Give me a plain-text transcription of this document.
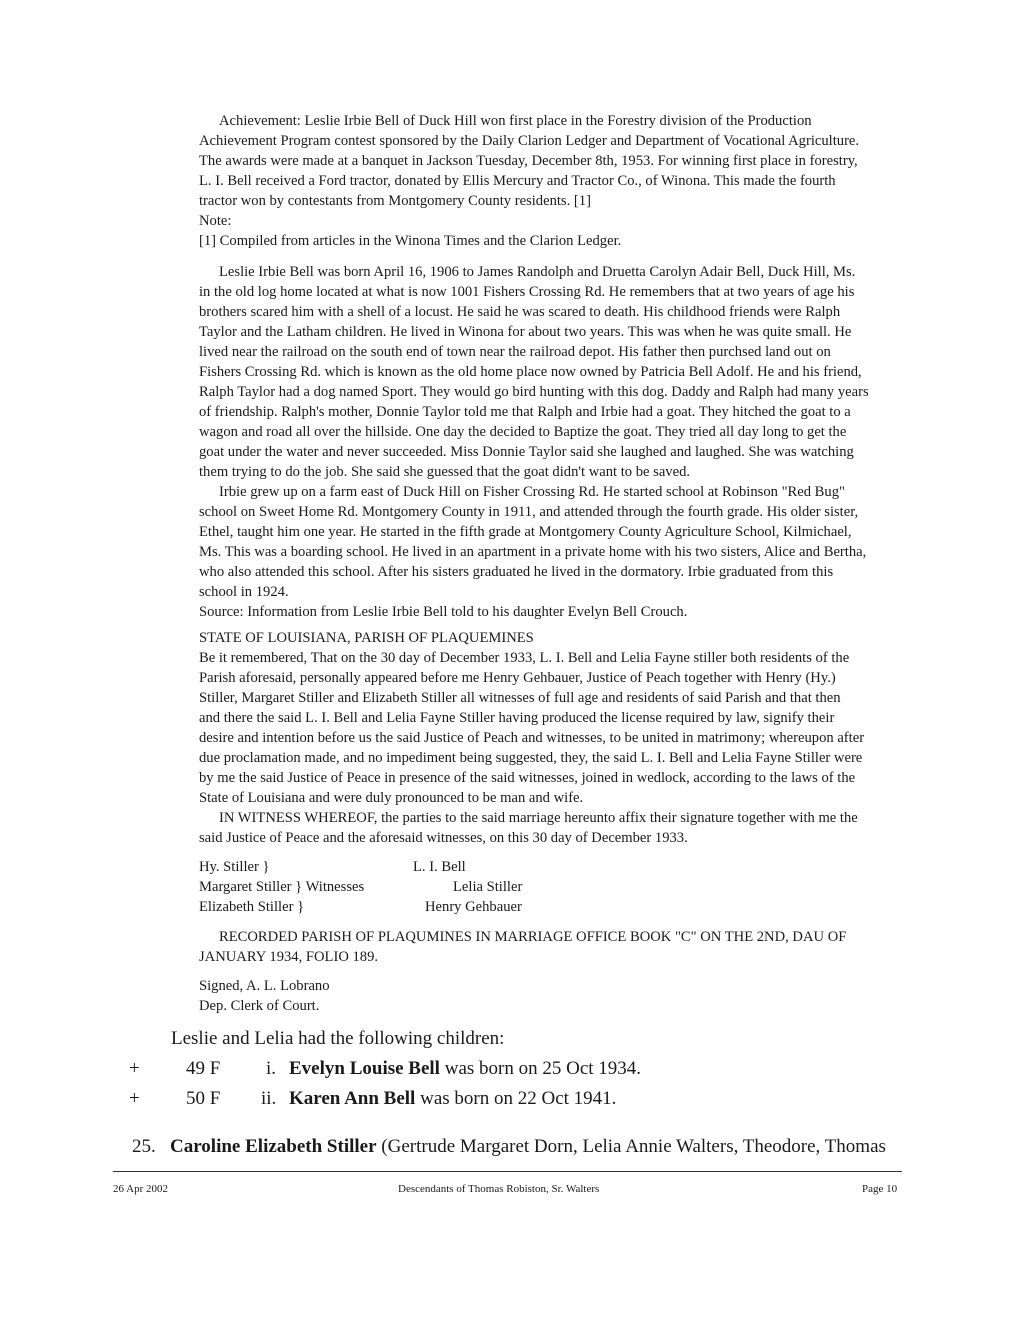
Achievement: Leslie Irbie Bell of Duck Hill won first place in the Forestry division of the Production

Achievement Program contest sponsored by the Daily Clarion Ledger and Department of Vocational Agriculture.

The awards were made at a banquet in Jackson Tuesday, December 8th, 1953. For winning first place in forestry,

L. I. Bell received a Ford tractor, donated by Ellis Mercury and Tractor Co., of Winona. This made the fourth

tractor won by contestants from Montgomery County residents. [1]

Note:

[1] Compiled from articles in the Winona Times and the Clarion Ledger.

Leslie Irbie Bell was born April 16, 1906 to James Randolph and Druetta Carolyn Adair Bell, Duck Hill, Ms.

in the old log home located at what is now 1001 Fishers Crossing Rd. He remembers that at two years of age his

brothers scared him with a shell of a locust. He said he was scared to death. His childhood friends were Ralph

Taylor and the Latham children. He lived in Winona for about two years. This was when he was quite small. He

lived near the railroad on the south end of town near the railroad depot. His father then purchsed land out on

Fishers Crossing Rd. which is known as the old home place now owned by Patricia Bell Adolf. He and his friend,

Ralph Taylor had a dog named Sport. They would go bird hunting with this dog. Daddy and Ralph had many years

of friendship. Ralph's mother, Donnie Taylor told me that Ralph and Irbie had a goat. They hitched the goat to a

wagon and road all over the hillside. One day the decided to Baptize the goat. They tried all day long to get the

goat under the water and never succeeded. Miss Donnie Taylor said she laughed and laughed. She was watching

them trying to do the job. She said she guessed that the goat didn't want to be saved.

Irbie grew up on a farm east of Duck Hill on Fisher Crossing Rd. He started school at Robinson "Red Bug"

school on Sweet Home Rd. Montgomery County in 1911, and attended through the fourth grade. His older sister,

Ethel, taught him one year. He started in the fifth grade at Montgomery County Agriculture School, Kilmichael,

Ms. This was a boarding school. He lived in an apartment in a private home with his two sisters, Alice and Bertha,

who also attended this school. After his sisters graduated he lived in the dormatory. Irbie graduated from this

school in 1924.

Source: Information from Leslie Irbie Bell told to his daughter Evelyn Bell Crouch.

STATE OF LOUISIANA, PARISH OF PLAQUEMINES

Be it remembered, That on the 30 day of December 1933, L. I. Bell and Lelia Fayne stiller both residents of the

Parish aforesaid, personally appeared before me Henry Gehbauer, Justice of Peach together with Henry (Hy.)

Stiller, Margaret Stiller and Elizabeth Stiller all witnesses of full age and residents of said Parish and that then

and there the said L. I. Bell and Lelia Fayne Stiller having produced the license required by law, signify their

desire and intention before us the said Justice of Peach and witnesses, to be united in matrimony; whereupon after

due proclamation made, and no impediment being suggested, they, the said L. I. Bell and Lelia Fayne Stiller were

by me the said Justice of Peace in presence of the said witnesses, joined in wedlock, according to the laws of the

State of Louisiana and were duly pronounced to be man and wife.

IN WITNESS WHEREOF, the parties to the said marriage hereunto affix their signature together with me the

said Justice of Peace and the aforesaid witnesses, on this 30 day of December 1933.

Hy. Stiller }
Margaret Stiller } Witnesses
Elizabeth Stiller }
L. I. Bell
Lelia Stiller
Henry Gehbauer

RECORDED PARISH OF PLAQUMINES IN MARRIAGE OFFICE BOOK "C" ON THE 2ND, DAU OF

JANUARY 1934, FOLIO 189.

Signed, A. L. Lobrano

Dep. Clerk of Court.

Leslie and Lelia had the following children:
+ 49 F i. Evelyn Louise Bell was born on 25 Oct 1934.
+ 50 F ii. Karen Ann Bell was born on 22 Oct 1941.
25. Caroline Elizabeth Stiller (Gertrude Margaret Dorn, Lelia Annie Walters, Theodore, Thomas
26 Apr 2002	Descendants of Thomas Robiston, Sr. Walters	Page 10
